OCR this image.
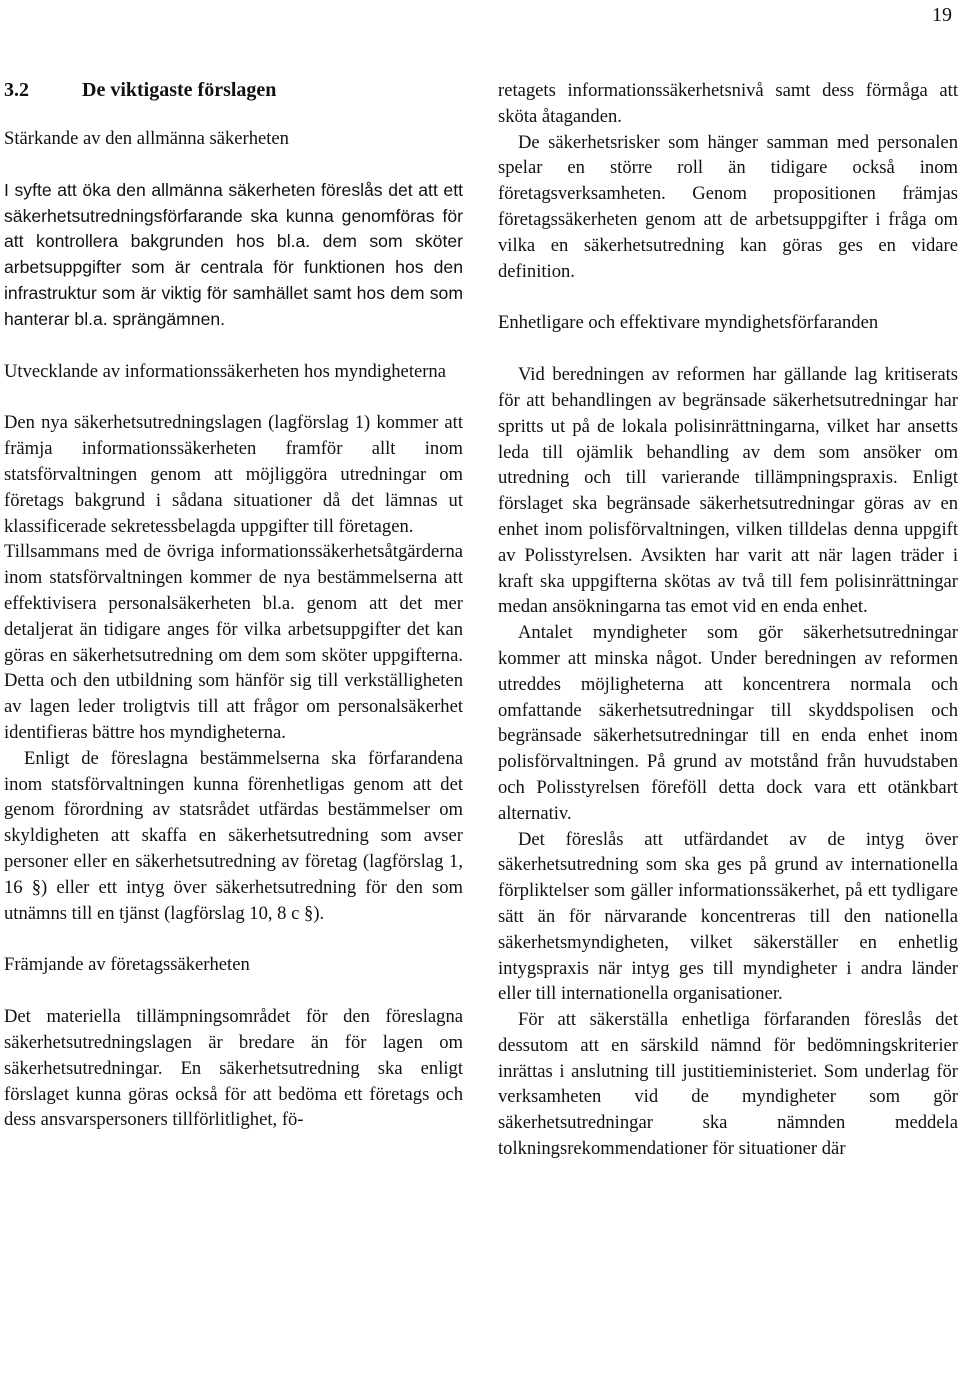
19
3.2	De viktigaste förslagen
Stärkande av den allmänna säkerheten

I syfte att öka den allmänna säkerheten föreslås det att ett säkerhetsutredningsförfarande ska kunna genomföras för att kontrollera bakgrunden hos bl.a. dem som sköter arbetsuppgifter som är centrala för funktionen hos den infrastruktur som är viktig för samhället samt hos dem som hanterar bl.a. sprängämnen.

Utvecklande av informationssäkerheten hos myndigheterna

Den nya säkerhetsutredningslagen (lagförslag 1) kommer att främja informationssäkerheten framför allt inom statsförvaltningen genom att möjliggöra utredningar om företags bakgrund i sådana situationer då det lämnas ut klassificerade sekretessbelagda uppgifter till företagen.

Tillsammans med de övriga informationssäkerhetsåtgärderna inom statsförvaltningen kommer de nya bestämmelserna att effektivisera personalsäkerheten bl.a. genom att det mer detaljerat än tidigare anges för vilka arbetsuppgifter det kan göras en säkerhetsutredning om dem som sköter uppgifterna. Detta och den utbildning som hänför sig till verkställigheten av lagen leder troligtvis till att frågor om personalsäkerhet identifieras bättre hos myndigheterna.

Enligt de föreslagna bestämmelserna ska förfarandena inom statsförvaltningen kunna förenhetligas genom att det genom förordning av statsrådet utfärdas bestämmelser om skyldigheten att skaffa en säkerhetsutredning som avser personer eller en säkerhetsutredning av företag (lagförslag 1, 16 §) eller ett intyg över säkerhetsutredning för den som utnämns till en tjänst (lagförslag 10, 8 c §).

Främjande av företagssäkerheten

Det materiella tillämpningsområdet för den föreslagna säkerhetsutredningslagen är bredare än för lagen om säkerhetsutredningar. En säkerhetsutredning ska enligt förslaget kunna göras också för att bedöma ett företags och dess ansvarspersoners tillförlitlighet, fö-

retagets informationssäkerhetsnivå samt dess förmåga att sköta åtaganden.

De säkerhetsrisker som hänger samman med personalen spelar en större roll än tidigare också inom företagsverksamheten. Genom propositionen främjas företagssäkerheten genom att de arbetsuppgifter i fråga om vilka en säkerhetsutredning kan göras ges en vidare definition.

Enhetligare och effektivare myndighetsförfaranden

Vid beredningen av reformen har gällande lag kritiserats för att behandlingen av begränsade säkerhetsutredningar har spritts ut på de lokala polisinrättningarna, vilket har ansetts leda till ojämlik behandling av dem som ansöker om utredning och till varierande tillämpningspraxis. Enligt förslaget ska begränsade säkerhetsutredningar göras av en enhet inom polisförvaltningen, vilken tilldelas denna uppgift av Polisstyrelsen. Avsikten har varit att när lagen träder i kraft ska uppgifterna skötas av två till fem polisinrättningar medan ansökningarna tas emot vid en enda enhet.

Antalet myndigheter som gör säkerhetsutredningar kommer att minska något. Under beredningen av reformen utreddes möjligheterna att koncentrera normala och omfattande säkerhetsutredningar till skyddspolisen och begränsade säkerhetsutredningar till en enda enhet inom polisförvaltningen. På grund av motstånd från huvudstaben och Polisstyrelsen föreföll detta dock vara ett otänkbart alternativ.

Det föreslås att utfärdandet av de intyg över säkerhetsutredning som ska ges på grund av internationella förpliktelser som gäller informationssäkerhet, på ett tydligare sätt än för närvarande koncentreras till den nationella säkerhetsmyndigheten, vilket säkerställer en enhetlig intygspraxis när intyg ges till myndigheter i andra länder eller till internationella organisationer.

För att säkerställa enhetliga förfaranden föreslås det dessutom att en särskild nämnd för bedömningskriterier inrättas i anslutning till justitieministeriet. Som underlag för verksamheten vid de myndigheter som gör säkerhetsutredningar ska nämnden meddela tolkningsrekommendationer för situationer där
